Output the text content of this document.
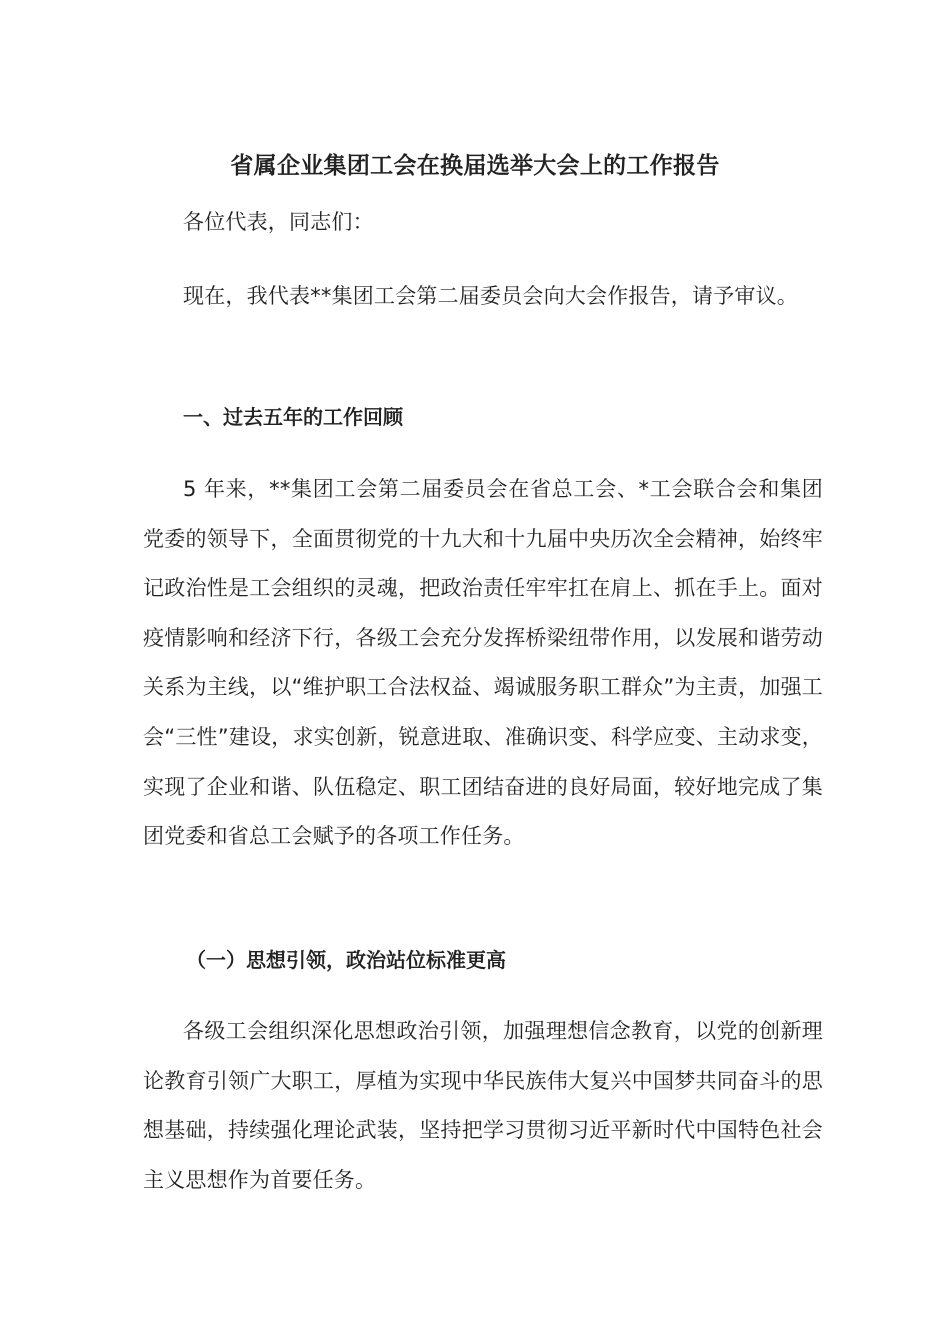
省属企业集团工会在换届选举大会上的工作报告

各位代表，同志们：

现在，我代表**集团工会第二届委员会向大会作报告，请予审议。

一、过去五年的工作回顾

5 年来，**集团工会第二届委员会在省总工会、*工会联合会和集团党委的领导下，全面贯彻党的十九大和十九届中央历次全会精神，始终牢记政治性是工会组织的灵魂，把政治责任牢牢扛在肩上、抓在手上。面对疫情影响和经济下行，各级工会充分发挥桥梁纽带作用，以发展和谐劳动关系为主线，以“维护职工合法权益、竭诚服务职工群众”为主责，加强工会“三性”建设，求实创新，锐意进取、准确识变、科学应变、主动求变，实现了企业和谐、队伍稳定、职工团结奋进的良好局面，较好地完成了集团党委和省总工会赋予的各项工作任务。

（一）思想引领，政治站位标准更高

各级工会组织深化思想政治引领，加强理想信念教育，以党的创新理论教育引领广大职工，厚植为实现中华民族伟大复兴中国梦共同奋斗的思想基础，持续强化理论武装，坚持把学习贯彻习近平新时代中国特色社会主义思想作为首要任务。
